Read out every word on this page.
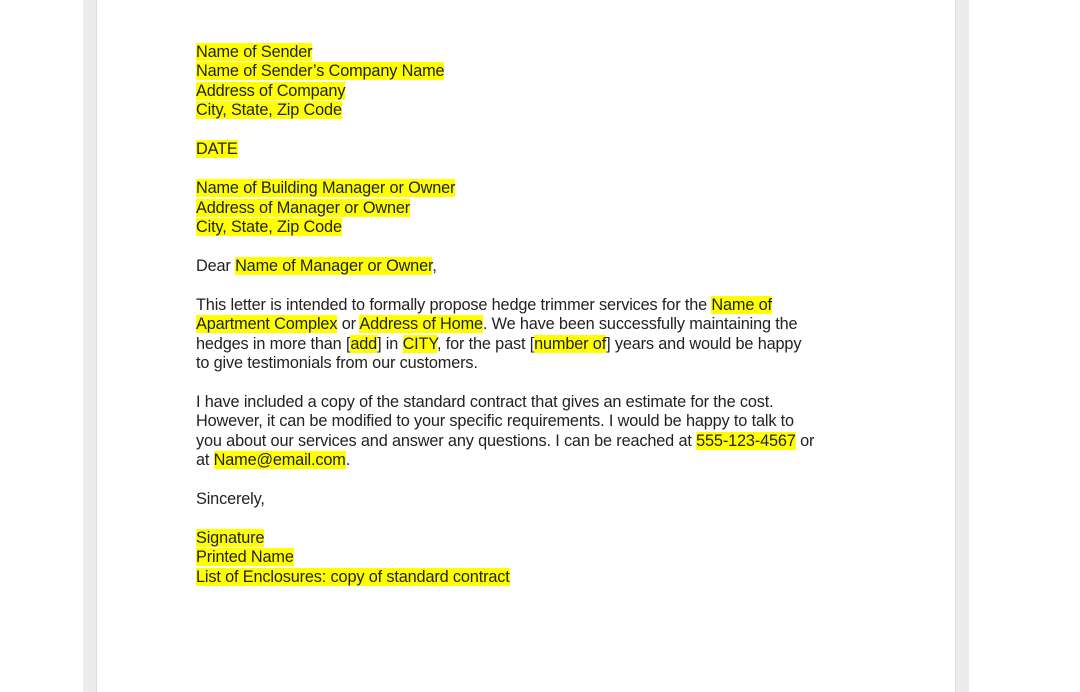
Name of Sender
Name of Sender’s Company Name
Address of Company
City, State, Zip Code
DATE
Name of Building Manager or Owner
Address of Manager or Owner
City, State, Zip Code
Dear Name of Manager or Owner,
This letter is intended to formally propose hedge trimmer services for the Name of
Apartment Complex or Address of Home. We have been successfully maintaining the
hedges in more than [add] in CITY, for the past [number of] years and would be happy
to give testimonials from our customers.
I have included a copy of the standard contract that gives an estimate for the cost.
However, it can be modified to your specific requirements. I would be happy to talk to
you about our services and answer any questions. I can be reached at 555-123-4567 or
at Name@email.com.
Sincerely,
Signature
Printed Name
List of Enclosures: copy of standard contract
